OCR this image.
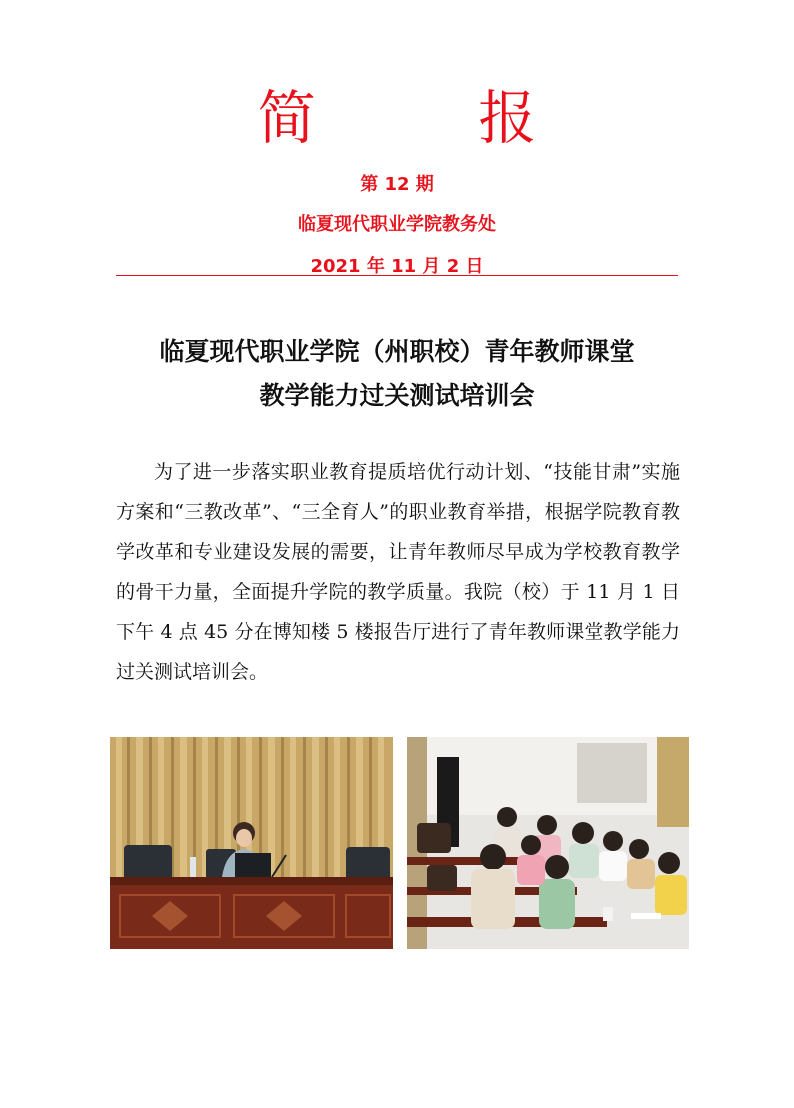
简 报
第 12 期
临夏现代职业学院教务处
2021 年 11 月 2 日
临夏现代职业学院（州职校）青年教师课堂
教学能力过关测试培训会
为了进一步落实职业教育提质培优行动计划、“技能甘肃”实施方案和“三教改革”、“三全育人”的职业教育举措，根据学院教育教学改革和专业建设发展的需要，让青年教师尽早成为学校教育教学的骨干力量，全面提升学院的教学质量。我院（校）于 11 月 1 日下午 4 点 45 分在博知楼 5 楼报告厅进行了青年教师课堂教学能力过关测试培训会。
